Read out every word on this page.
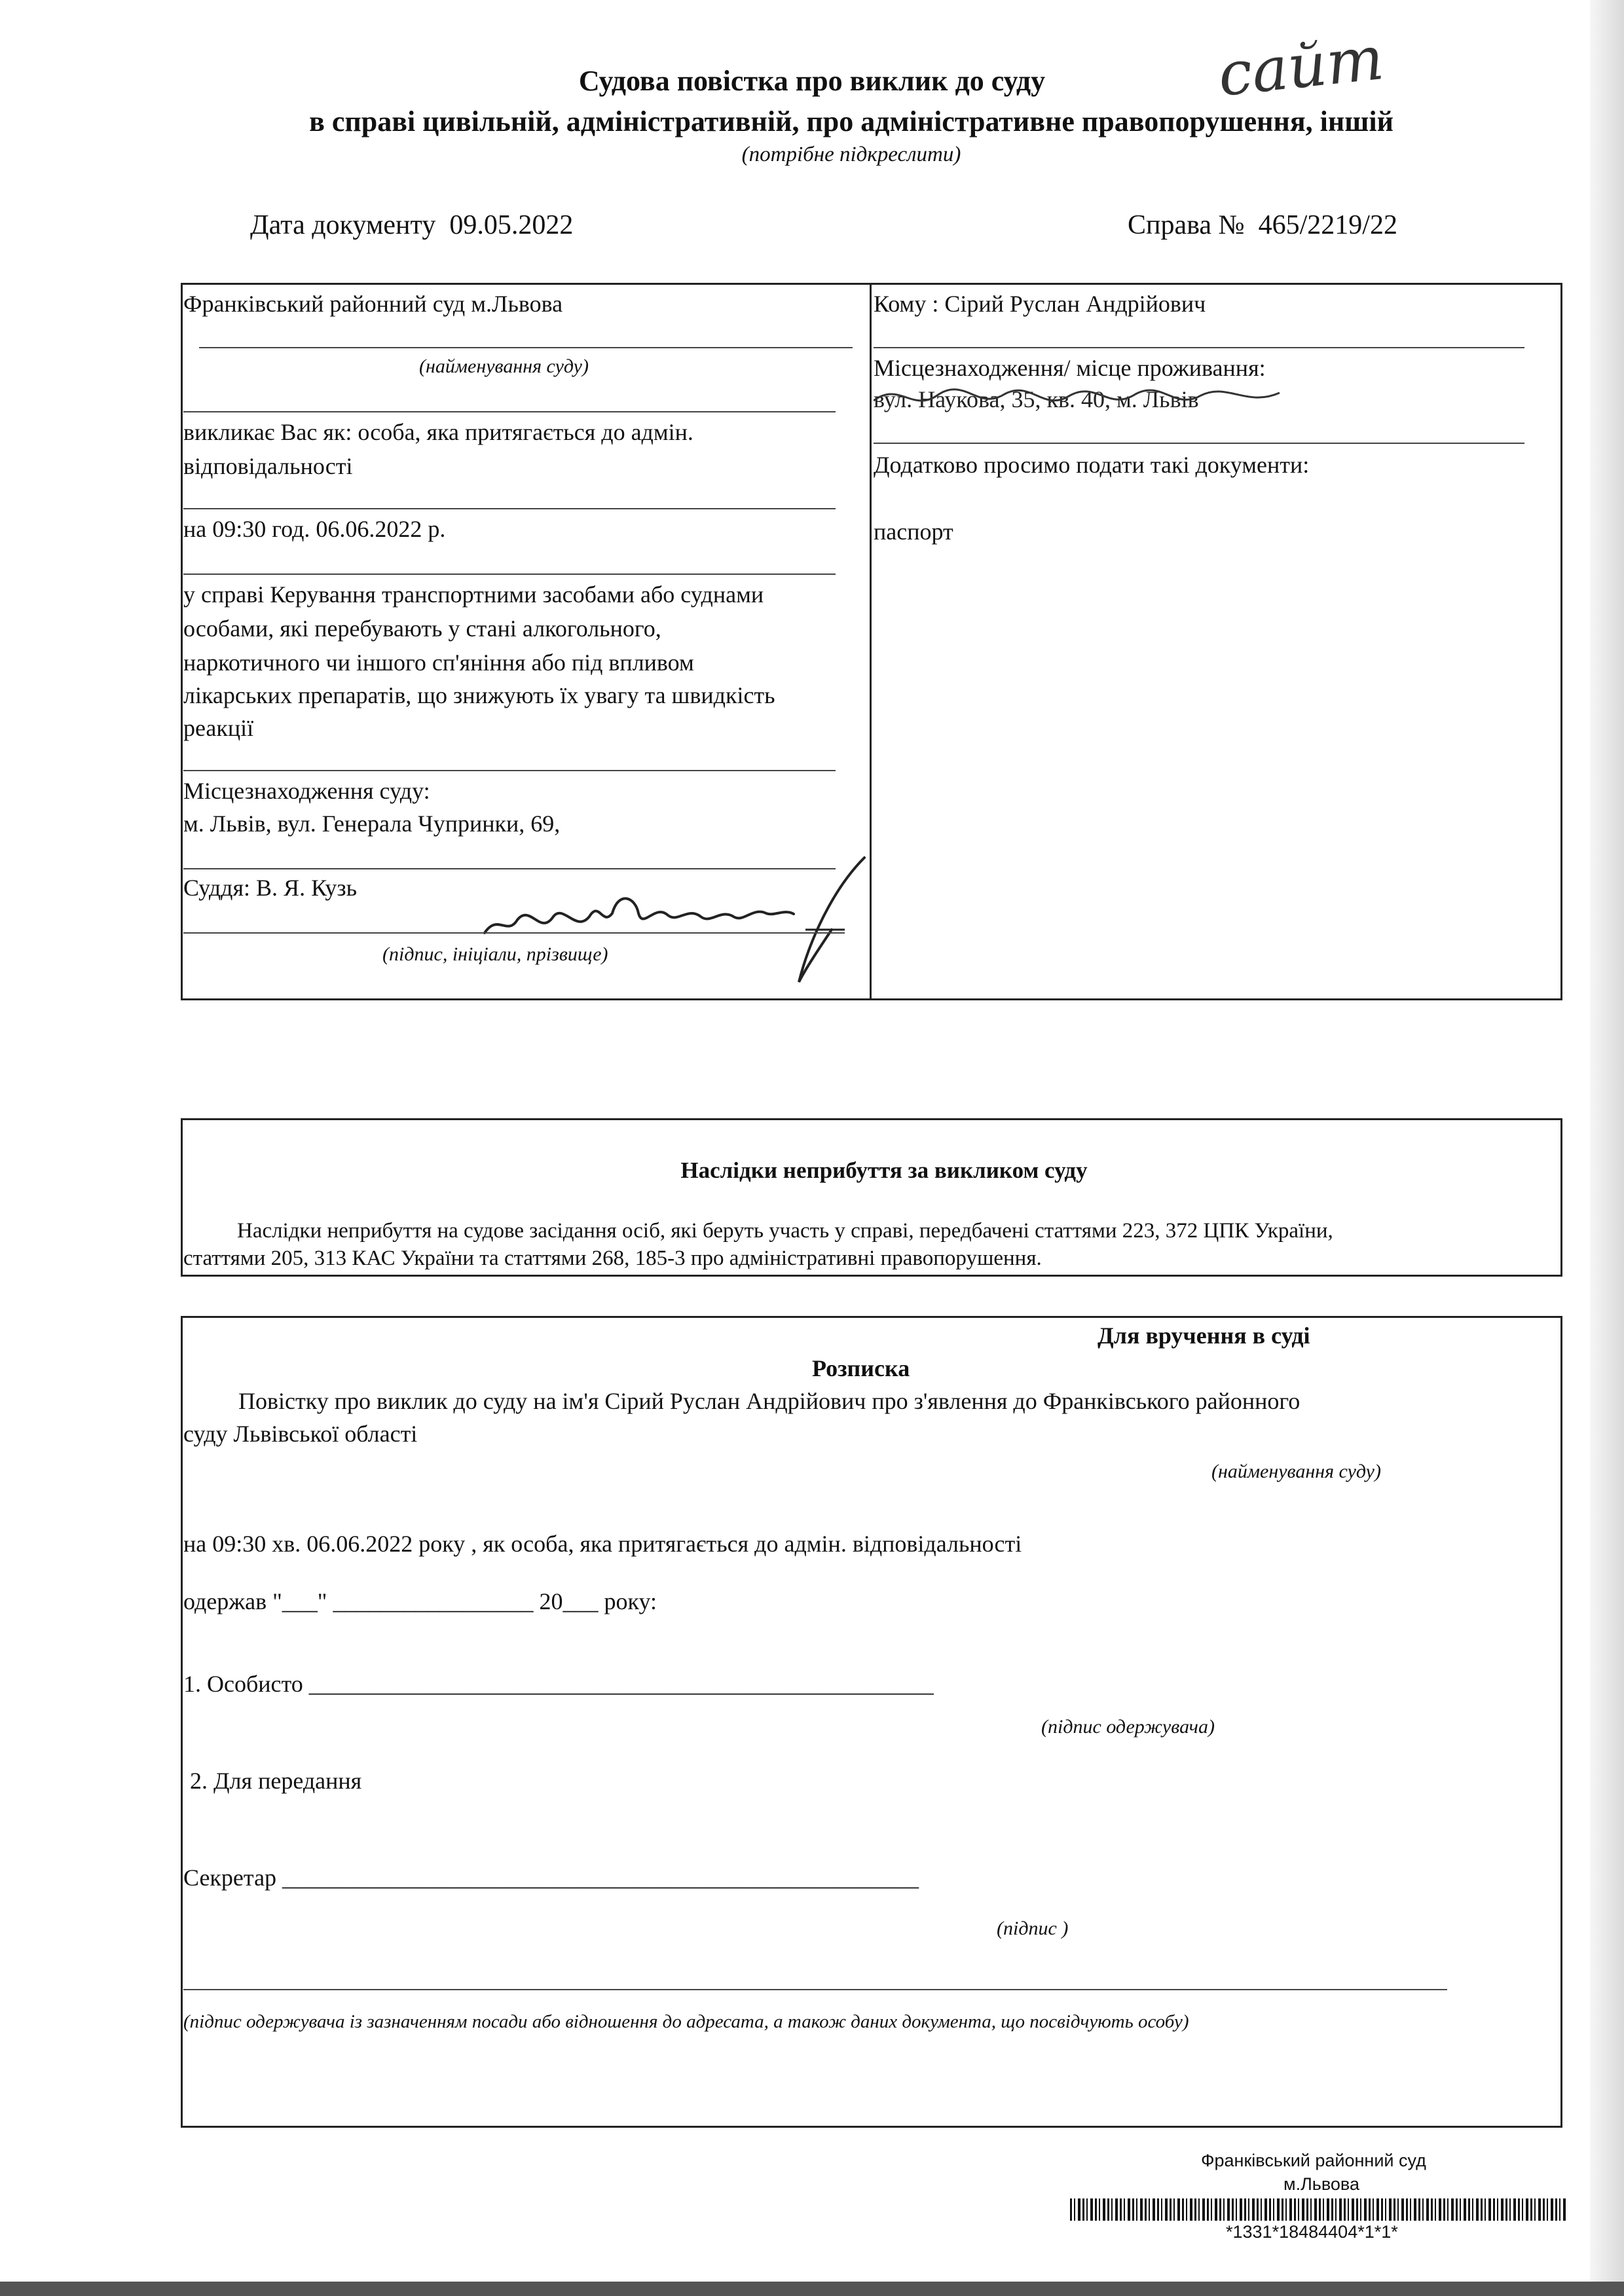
Судова повістка про виклик до суду
в справі цивільній, адміністративній, про адміністративне правопорушення, іншій
(потрібне підкреслити)
сайт
Дата документу 09.05.2022	Справа № 465/2219/22
Франківський районний суд м.Львова
(найменування суду)
викликає Вас як: особа, яка притягається до адмін.
відповідальності
на 09:30 год. 06.06.2022 р.
у справі Керування транспортними засобами або суднами
особами, які перебувають у стані алкогольного,
наркотичного чи іншого сп'яніння або під впливом
лікарських препаратів, що знижують їх увагу та швидкість
реакції
Місцезнаходження суду:
м. Львів, вул. Генерала Чупринки, 69,
Суддя: В. Я. Кузь
(підпис, ініціали, прізвище)
Кому : Сірий Руслан Андрійович
Місцезнаходження/ місце проживання:
вул. Наукова, 35, кв. 40, м. Львів
Додатково просимо подати такі документи:
паспорт
Наслідки неприбуття за викликом суду
Наслідки неприбуття на судове засідання осіб, які беруть участь у справі, передбачені статтями 223, 372 ЦПК України,
статтями 205, 313 КАС України та статтями 268, 185-3 про адміністративні правопорушення.
Для вручення в суді
Розписка
Повістку про виклик до суду на ім'я Сірий Руслан Андрійович про з'явлення до Франківського районного
суду Львівської області
(найменування суду)
на 09:30 хв. 06.06.2022 року , як особа, яка притягається до адмін. відповідальності
одержав "___" _________________ 20___ року:
1. Особисто _____________________________________________________
(підпис одержувача)
2. Для передання
Секретар ______________________________________________________
(підпис )
(підпис одержувача із зазначенням посади або відношення до адресата, а також даних документа, що посвідчують особу)
Франківський районний суд
м.Львова
*1331*18484404*1*1*
